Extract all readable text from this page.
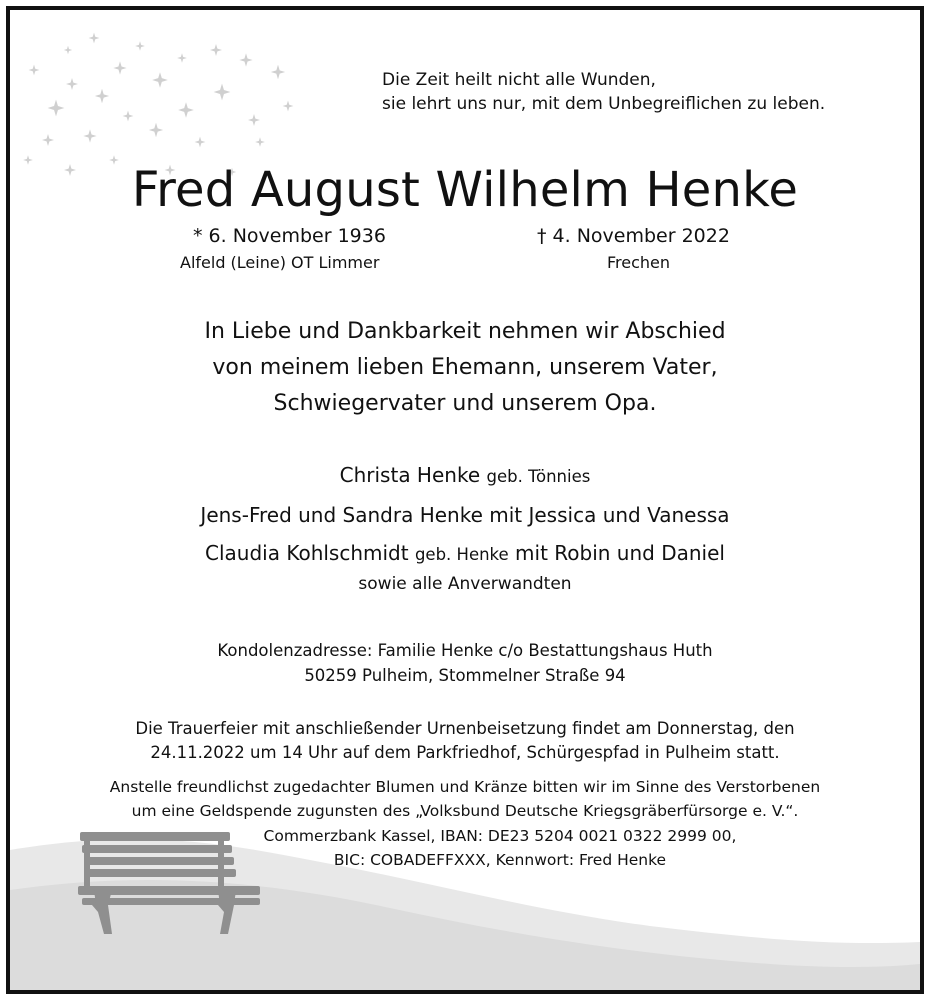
Die Zeit heilt nicht alle Wunden,
sie lehrt uns nur, mit dem Unbegreiflichen zu leben.
Fred August Wilhelm Henke
* 6. November 1936
Alfeld (Leine) OT Limmer
† 4. November 2022
Frechen
In Liebe und Dankbarkeit nehmen wir Abschied
von meinem lieben Ehemann, unserem Vater,
Schwiegervater und unserem Opa.
Christa Henke geb. Tönnies
Jens-Fred und Sandra Henke mit Jessica und Vanessa
Claudia Kohlschmidt geb. Henke mit Robin und Daniel
sowie alle Anverwandten
Kondolenzadresse: Familie Henke c/o Bestattungshaus Huth
50259 Pulheim, Stommelner Straße 94
Die Trauerfeier mit anschließender Urnenbeisetzung findet am Donnerstag, den
24.11.2022 um 14 Uhr auf dem Parkfriedhof, Schürgespfad in Pulheim statt.
Anstelle freundlichst zugedachter Blumen und Kränze bitten wir im Sinne des Verstorbenen
um eine Geldspende zugunsten des „Volksbund Deutsche Kriegsgräberfürsorge e. V.“.
Commerzbank Kassel, IBAN: DE23 5204 0021 0322 2999 00,
BIC: COBADEFFXXX, Kennwort: Fred Henke
